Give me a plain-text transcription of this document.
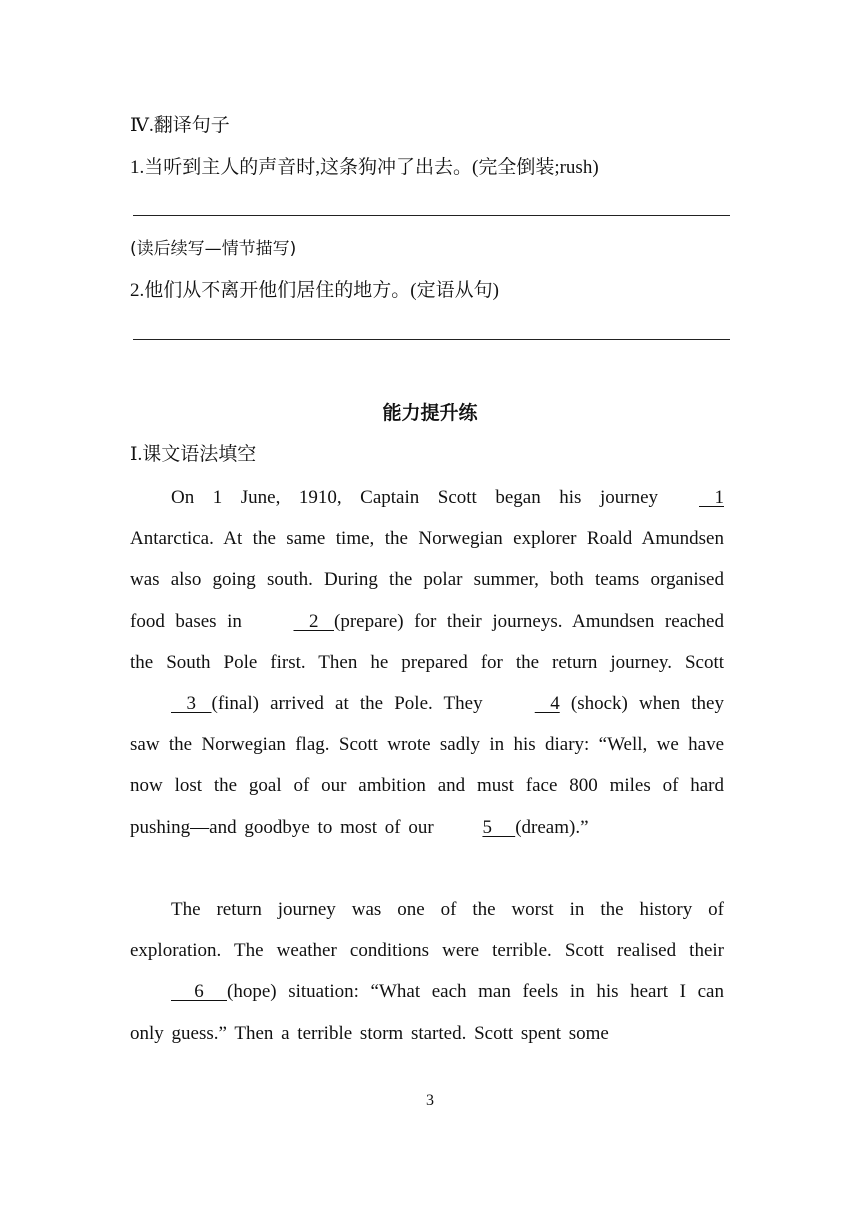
Ⅳ.翻译句子
1.当听到主人的声音时,这条狗冲了出去。(完全倒装;rush)
(读后续写—情节描写)
2.他们从不离开他们居住的地方。(定语从句)
能力提升练
Ⅰ.课文语法填空
On 1 June, 1910, Captain Scott began his journey  1 Antarctica. At the same time, the Norwegian explorer Roald Amundsen was also going south. During the polar summer, both teams organised food bases in   2  (prepare) for their journeys. Amundsen reached the South Pole first. Then he prepared for the return journey. Scott   3  (final) arrived at the Pole. They   4 (shock) when they saw the Norwegian flag. Scott wrote sadly in his diary: “Well, we have now lost the goal of our ambition and must face 800 miles of hard pushing—and goodbye to most of our 5   (dream).”
The return journey was one of the worst in the history of exploration. The weather conditions were terrible. Scott realised their   6   (hope) situation: “What each man feels in his heart I can only guess.” Then a terrible storm started. Scott spent some
3
